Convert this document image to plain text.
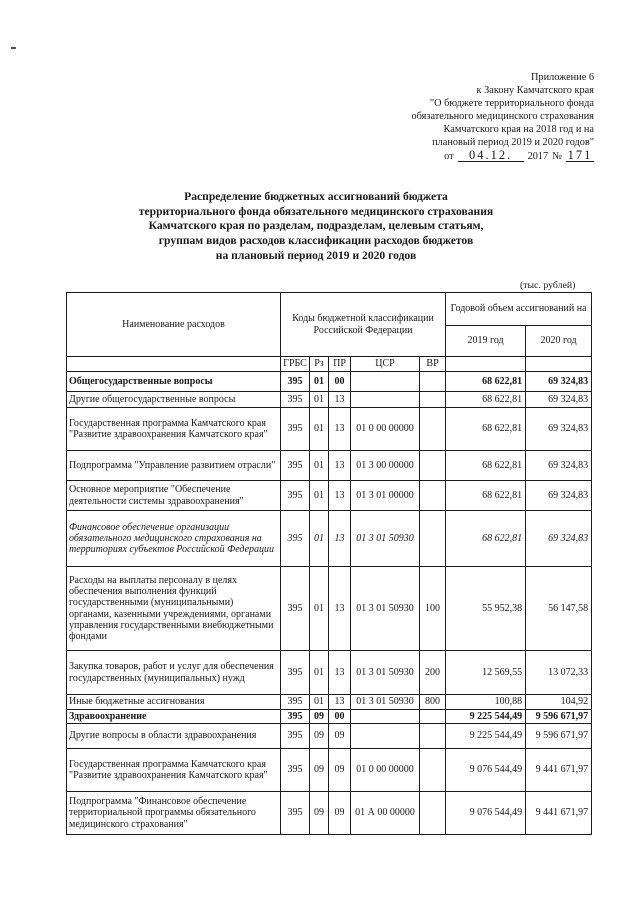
Приложение 6
к Закону Камчатского края
"О бюджете территориального фонда
обязательного медицинского страхования
Камчатского края на 2018 год и на
плановый период 2019 и 2020 годов"
от	04.12.	2017 № 171
Распределение бюджетных ассигнований бюджета
территориального фонда обязательного медицинского страхования
Камчатского края по разделам, подразделам, целевым статьям,
группам видов расходов классификации расходов бюджетов
на плановый период 2019 и 2020 годов
(тыс. рублей)
Наименование расходов	Коды бюджетной классификации Российской Федерации					Годовой объем ассигнований на	
						2019 год	2020 год
	ГРБС	Рз	ПР	ЦСР	ВР		
Общегосударственные вопросы	395	01	00			68 622,81	69 324,83
Другие общегосударственные вопросы	395	01	13			68 622,81	69 324,83
Государственная программа Камчатского края "Развитие здравоохранения Камчатского края"	395	01	13	01 0 00 00000		68 622,81	69 324,83
Подпрограмма "Управление развитием отрасли"	395	01	13	01 3 00 00000		68 622,81	69 324,83
Основное мероприятие "Обеспечение деятельности системы здравоохранения"	395	01	13	01 3 01 00000		68 622,81	69 324,83
Финансовое обеспечение организации обязательного медицинского страхования на территориях субъектов Российской Федерации	395	01	13	01 3 01 50930		68 622,81	69 324,83
Расходы на выплаты персоналу в целях обеспечения выполнения функций государственными (муниципальными) органами, казенными учреждениями, органами управления государственными внебюджетными фондами	395	01	13	01 3 01 50930	100	55 952,38	56 147,58
Закупка товаров, работ и услуг для обеспечения государственных (муниципальных) нужд	395	01	13	01 3 01 50930	200	12 569,55	13 072,33
Иные бюджетные ассигнования	395	01	13	01 3 01 50930	800	100,88	104,92
Здравоохранение	395	09	00			9 225 544,49	9 596 671,97
Другие вопросы в области здравоохранения	395	09	09			9 225 544,49	9 596 671,97
Государственная программа Камчатского края "Развитие здравоохранения Камчатского края"	395	09	09	01 0 00 00000		9 076 544,49	9 441 671,97
Подпрограмма "Финансовое обеспечение территориальной программы обязательного медицинского страхования"	395	09	09	01 А 00 00000		9 076 544,49	9 441 671,97
